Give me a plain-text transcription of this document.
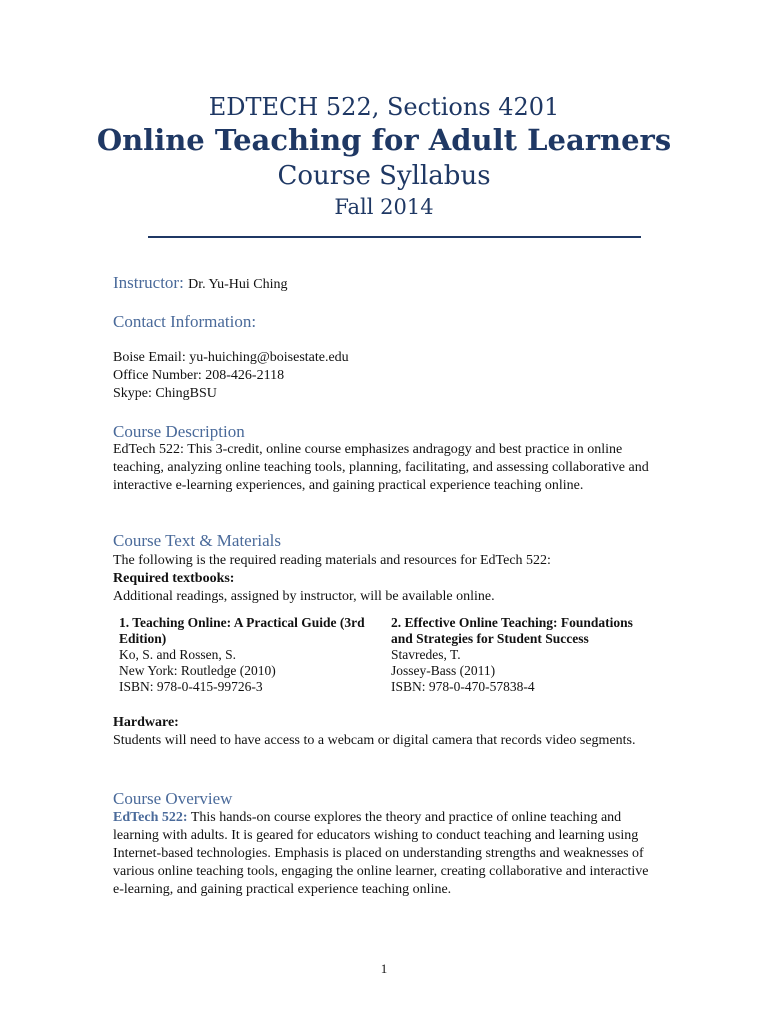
EDTECH 522, Sections 4201
Online Teaching for Adult Learners
Course Syllabus
Fall 2014
Instructor: Dr. Yu-Hui Ching
Contact Information:
Boise Email: yu-huiching@boisestate.edu
Office Number: 208-426-2118
Skype: ChingBSU
Course Description
EdTech 522: This 3-credit, online course emphasizes andragogy and best practice in online teaching, analyzing online teaching tools, planning, facilitating, and assessing collaborative and interactive e-learning experiences, and gaining practical experience teaching online.
Course Text & Materials
The following is the required reading materials and resources for EdTech 522:
Required textbooks:
Additional readings, assigned by instructor, will be available online.
1. Teaching Online: A Practical Guide (3rd Edition)
Ko, S. and Rossen, S.
New York: Routledge (2010)
ISBN: 978-0-415-99726-3
2. Effective Online Teaching: Foundations and Strategies for Student Success
Stavredes, T.
Jossey-Bass (2011)
ISBN: 978-0-470-57838-4
Hardware:
Students will need to have access to a webcam or digital camera that records video segments.
Course Overview
EdTech 522: This hands-on course explores the theory and practice of online teaching and learning with adults. It is geared for educators wishing to conduct teaching and learning using Internet-based technologies. Emphasis is placed on understanding strengths and weaknesses of various online teaching tools, engaging the online learner, creating collaborative and interactive e-learning, and gaining practical experience teaching online.
1
